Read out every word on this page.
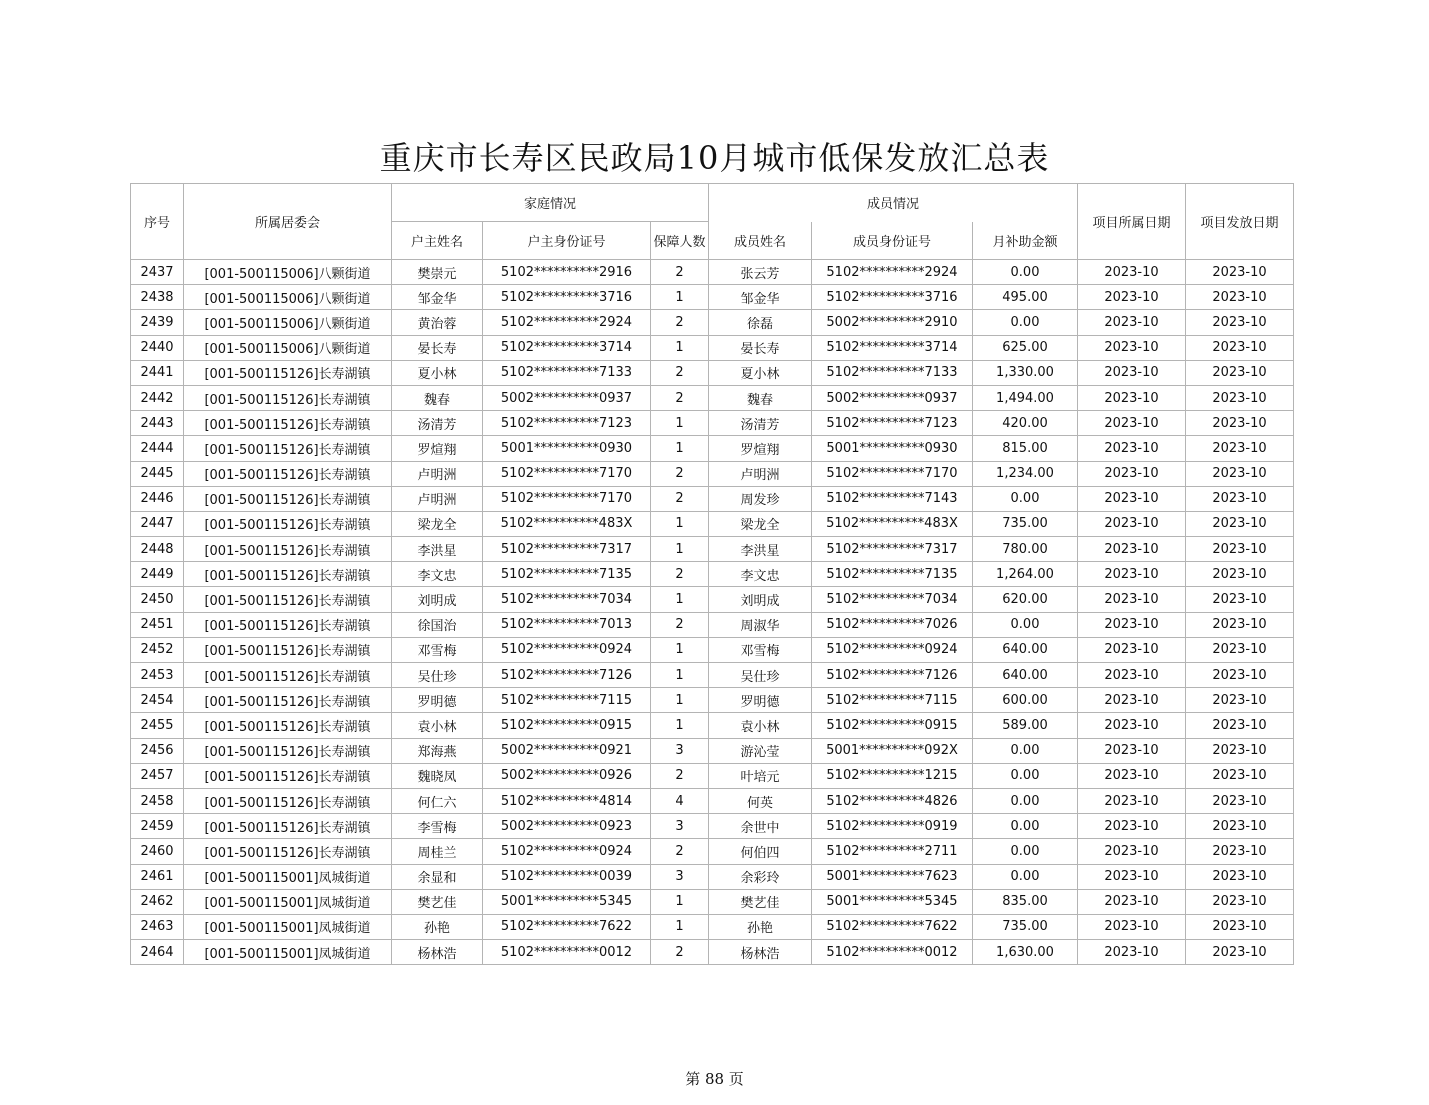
重庆市长寿区民政局10月城市低保发放汇总表
序号	所属居委会	家庭情况			成员情况			项目所属日期	项目发放日期
		户主姓名	户主身份证号	保障人数	成员姓名	成员身份证号	月补助金额		
2437	[001-500115006]八颗街道	樊崇元	5102**********2916	2	张云芳	5102**********2924	0.00	2023-10	2023-10
2438	[001-500115006]八颗街道	邹金华	5102**********3716	1	邹金华	5102**********3716	495.00	2023-10	2023-10
2439	[001-500115006]八颗街道	黄治蓉	5102**********2924	2	徐磊	5002**********2910	0.00	2023-10	2023-10
2440	[001-500115006]八颗街道	晏长寿	5102**********3714	1	晏长寿	5102**********3714	625.00	2023-10	2023-10
2441	[001-500115126]长寿湖镇	夏小林	5102**********7133	2	夏小林	5102**********7133	1,330.00	2023-10	2023-10
2442	[001-500115126]长寿湖镇	魏春	5002**********0937	2	魏春	5002**********0937	1,494.00	2023-10	2023-10
2443	[001-500115126]长寿湖镇	汤清芳	5102**********7123	1	汤清芳	5102**********7123	420.00	2023-10	2023-10
2444	[001-500115126]长寿湖镇	罗煊翔	5001**********0930	1	罗煊翔	5001**********0930	815.00	2023-10	2023-10
2445	[001-500115126]长寿湖镇	卢明洲	5102**********7170	2	卢明洲	5102**********7170	1,234.00	2023-10	2023-10
2446	[001-500115126]长寿湖镇	卢明洲	5102**********7170	2	周发珍	5102**********7143	0.00	2023-10	2023-10
2447	[001-500115126]长寿湖镇	梁龙全	5102**********483X	1	梁龙全	5102**********483X	735.00	2023-10	2023-10
2448	[001-500115126]长寿湖镇	李洪星	5102**********7317	1	李洪星	5102**********7317	780.00	2023-10	2023-10
2449	[001-500115126]长寿湖镇	李文忠	5102**********7135	2	李文忠	5102**********7135	1,264.00	2023-10	2023-10
2450	[001-500115126]长寿湖镇	刘明成	5102**********7034	1	刘明成	5102**********7034	620.00	2023-10	2023-10
2451	[001-500115126]长寿湖镇	徐国治	5102**********7013	2	周淑华	5102**********7026	0.00	2023-10	2023-10
2452	[001-500115126]长寿湖镇	邓雪梅	5102**********0924	1	邓雪梅	5102**********0924	640.00	2023-10	2023-10
2453	[001-500115126]长寿湖镇	吴仕珍	5102**********7126	1	吴仕珍	5102**********7126	640.00	2023-10	2023-10
2454	[001-500115126]长寿湖镇	罗明德	5102**********7115	1	罗明德	5102**********7115	600.00	2023-10	2023-10
2455	[001-500115126]长寿湖镇	袁小林	5102**********0915	1	袁小林	5102**********0915	589.00	2023-10	2023-10
2456	[001-500115126]长寿湖镇	郑海燕	5002**********0921	3	游沁莹	5001**********092X	0.00	2023-10	2023-10
2457	[001-500115126]长寿湖镇	魏晓凤	5002**********0926	2	叶培元	5102**********1215	0.00	2023-10	2023-10
2458	[001-500115126]长寿湖镇	何仁六	5102**********4814	4	何英	5102**********4826	0.00	2023-10	2023-10
2459	[001-500115126]长寿湖镇	李雪梅	5002**********0923	3	余世中	5102**********0919	0.00	2023-10	2023-10
2460	[001-500115126]长寿湖镇	周桂兰	5102**********0924	2	何伯四	5102**********2711	0.00	2023-10	2023-10
2461	[001-500115001]凤城街道	余显和	5102**********0039	3	余彩玲	5001**********7623	0.00	2023-10	2023-10
2462	[001-500115001]凤城街道	樊艺佳	5001**********5345	1	樊艺佳	5001**********5345	835.00	2023-10	2023-10
2463	[001-500115001]凤城街道	孙艳	5102**********7622	1	孙艳	5102**********7622	735.00	2023-10	2023-10
2464	[001-500115001]凤城街道	杨林浩	5102**********0012	2	杨林浩	5102**********0012	1,630.00	2023-10	2023-10
第 88 页
